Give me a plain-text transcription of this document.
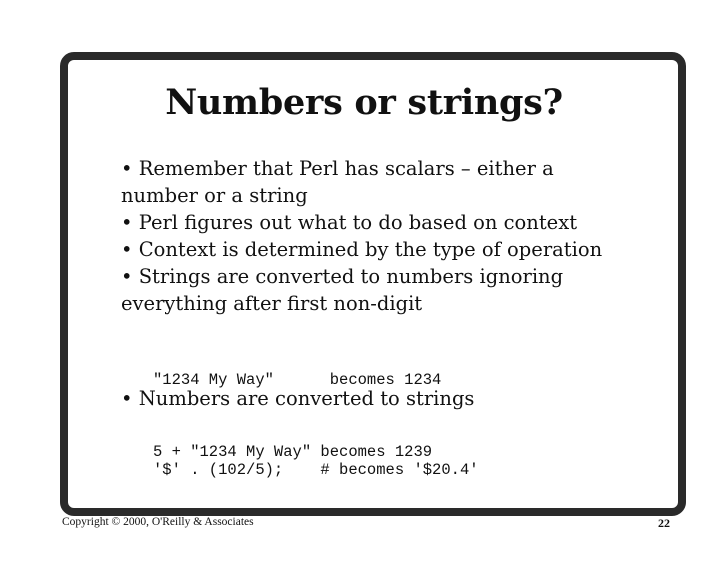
Numbers or strings?
• Remember that Perl has scalars – either a
number or a string
• Perl figures out what to do based on context
• Context is determined by the type of operation
• Strings are converted to numbers ignoring
everything after first non-digit

"1234 My Way"      becomes 1234

5 + "1234 My Way" becomes 1239

• Numbers are converted to strings

'$' . (102/5);    # becomes '$20.4'

Copyright © 2000, O'Reilly & Associates	22
